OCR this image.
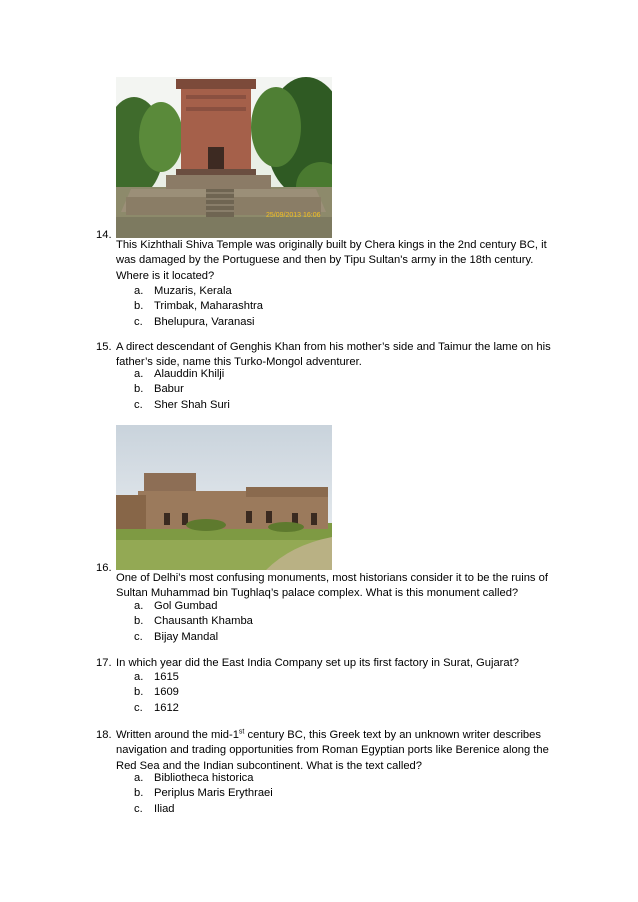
25/09/2013 16:06
14.
This Kizhthali Shiva Temple was originally built by Chera kings in the 2nd century BC, it was damaged by the Portuguese and then by Tipu Sultan's army in the 18th century. Where is it located?
a. Muzaris, Kerala
b. Trimbak, Maharashtra
c.	Bhelupura, Varanasi
15. A direct descendant of Genghis Khan from his mother’s side and Taimur the lame on his father’s side, name this Turko-Mongol adventurer.
a. Alauddin Khilji
b. Babur
c.	Sher Shah Suri
16.
One of Delhi’s most confusing monuments, most historians consider it to be the ruins of Sultan Muhammad bin Tughlaq’s palace complex. What is this monument called?
a. Gol Gumbad
b. Chausanth Khamba
c.	Bijay Mandal
17. In which year did the East India Company set up its first factory in Surat, Gujarat?
a. 1615
b. 1609
c.	1612
18. Written around the mid-1st century BC, this Greek text by an unknown writer describes navigation and trading opportunities from Roman Egyptian ports like Berenice along the Red Sea and the Indian subcontinent. What is the text called?
a. Bibliotheca historica
b. Periplus Maris Erythraei
c.	Iliad
